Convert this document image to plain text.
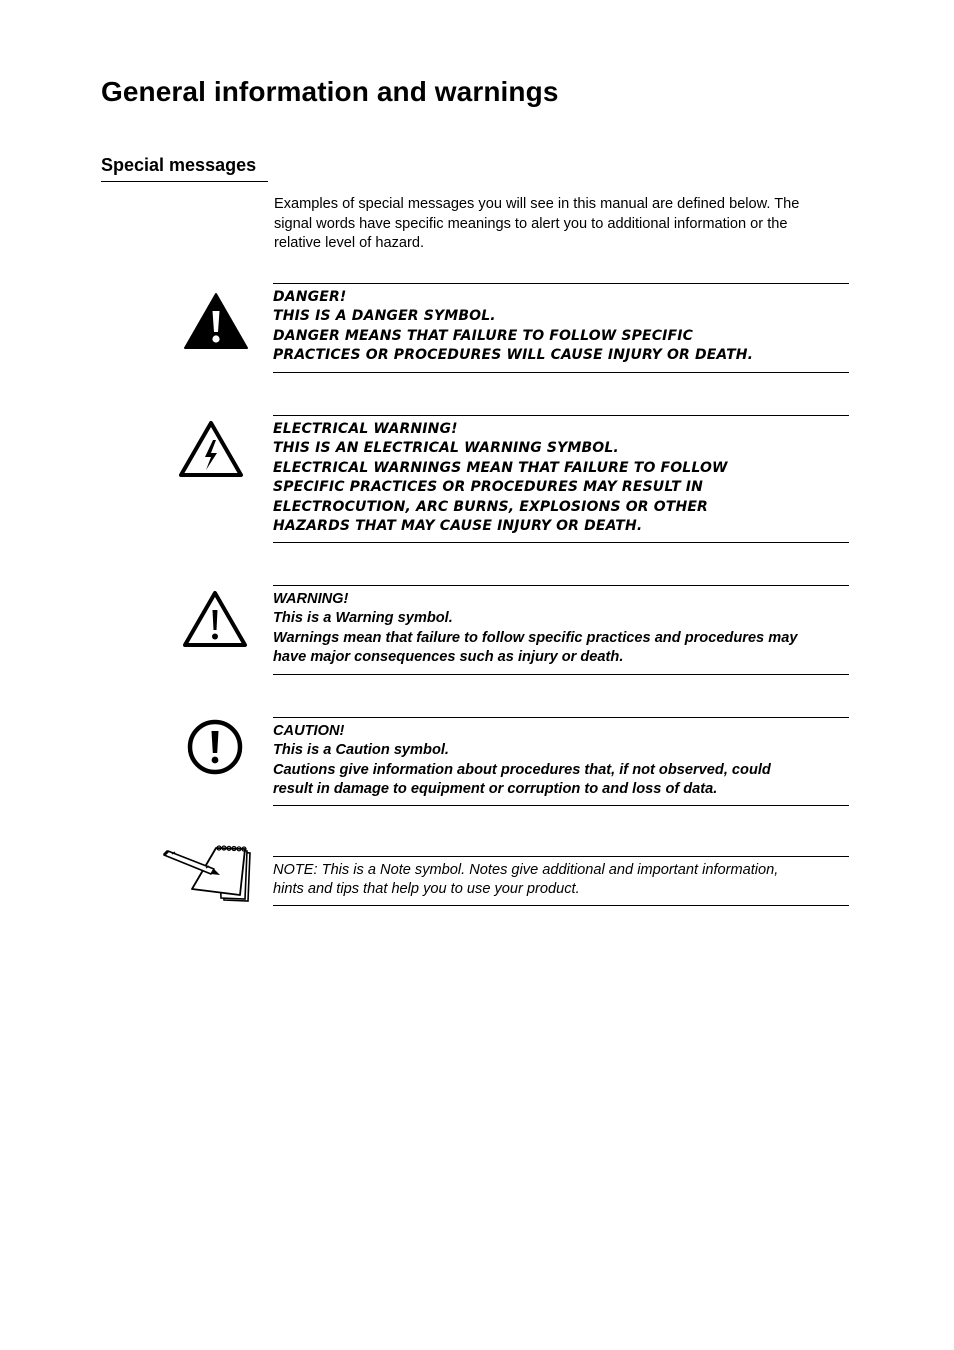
General information and warnings
Special messages

Examples of special messages you will see in this manual are defined below. The
signal words have specific meanings to alert you to additional information or the
relative level of hazard.

DANGER!
THIS IS A DANGER SYMBOL.
DANGER MEANS THAT FAILURE TO FOLLOW SPECIFIC
PRACTICES OR PROCEDURES WILL CAUSE INJURY OR DEATH.
ELECTRICAL WARNING!
THIS IS AN ELECTRICAL WARNING SYMBOL.
ELECTRICAL WARNINGS MEAN THAT FAILURE TO FOLLOW
SPECIFIC PRACTICES OR PROCEDURES MAY RESULT IN
ELECTROCUTION, ARC BURNS, EXPLOSIONS OR OTHER
HAZARDS THAT MAY CAUSE INJURY OR DEATH.
WARNING!
This is a Warning symbol.
Warnings mean that failure to follow specific practices and procedures may
have major consequences such as injury or death.
CAUTION!
This is a Caution symbol.
Cautions give information about procedures that, if not observed, could
result in damage to equipment or corruption to and loss of data.
NOTE: This is a Note symbol. Notes give additional and important information,
hints and tips that help you to use your product.
